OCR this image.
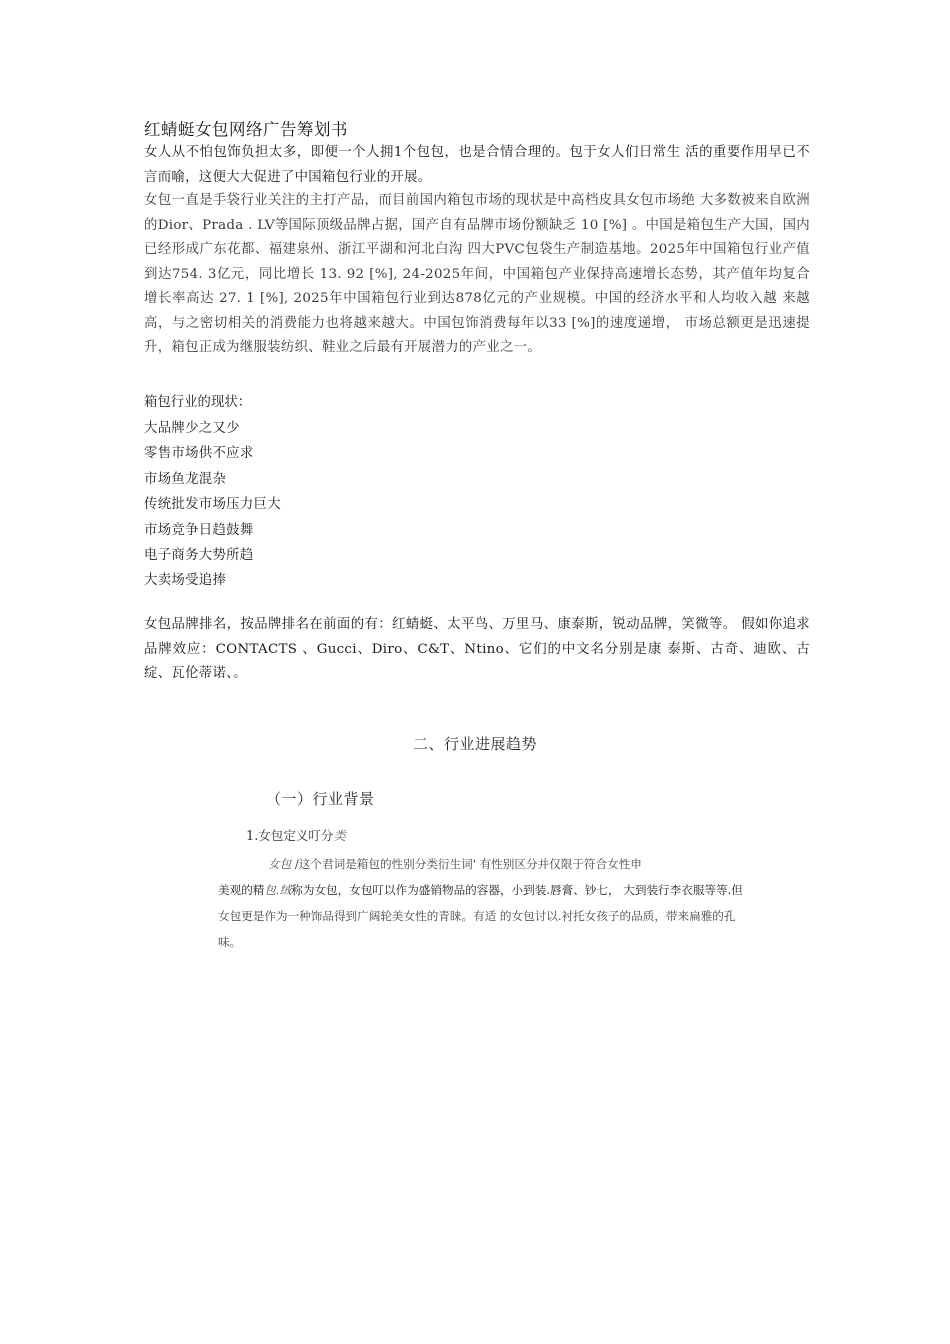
红蜻蜓女包网络广告筹划书
女人从不怕包饰负担太多，即便一个人拥1个包包，也是合情合理的。包于女人们日常生 活的重要作用早已不言而喻，这便大大促进了中国箱包行业的开展。
女包一直是手袋行业关注的主打产品，而目前国内箱包市场的现状是中高档皮具女包市场绝 大多数被来自欧洲的Dior、Prada . LV等国际顶级品牌占据，国产自有品牌市场份额缺乏 10 [%] 。中国是箱包生产大国，国内已经形成广东花都、福建泉州、浙江平湖和河北白沟 四大PVC包袋生产制造基地。2025年中国箱包行业产值到达754. 3亿元，同比增长 13. 92 [%], 24-2025年间，中国箱包产业保持高速增长态势，其产值年均复合增长率高达 27. 1 [%], 2025年中国箱包行业到达878亿元的产业规模。中国的经济水平和人均收入越 来越高，与之密切相关的消费能力也将越来越大。中国包饰消费每年以33 [%]的速度递增， 市场总额更是迅速提升，箱包正成为继服装纺织、鞋业之后最有开展潜力的产业之一。
箱包行业的现状：
大品牌少之又少
零售市场供不应求
市场鱼龙混杂
传统批发市场压力巨大
市场竞争日趋鼓舞
电子商务大势所趋
大卖场受追捧
女包品牌排名，按品牌排名在前面的有：红蜻蜓、太平鸟、万里马、康泰斯，锐动品牌，笑微等。 假如你追求品牌效应：CONTACTS 、Gucci、Diro、C&T、Ntino、它们的中文名分别是康 泰斯、古奇、迪欧、古绽、瓦伦蒂诺、。
二、行业进展趋势
（一）行业背景
1.女包定义叮分类
女包 /这个君词是箱包的性别分类衍生词' 有性别区分并仅限于符合女性申
美观的精包.绒称为女包，女包叮以作为盛销物品的容器，小到装.唇膏、钞七， 大到装行李衣服等等.但
女包更是作为一种饰品得到广阔轮美女性的青睐。有适 的女包讨以.衬托女孩子的品质，带来扁雅的孔
味。
